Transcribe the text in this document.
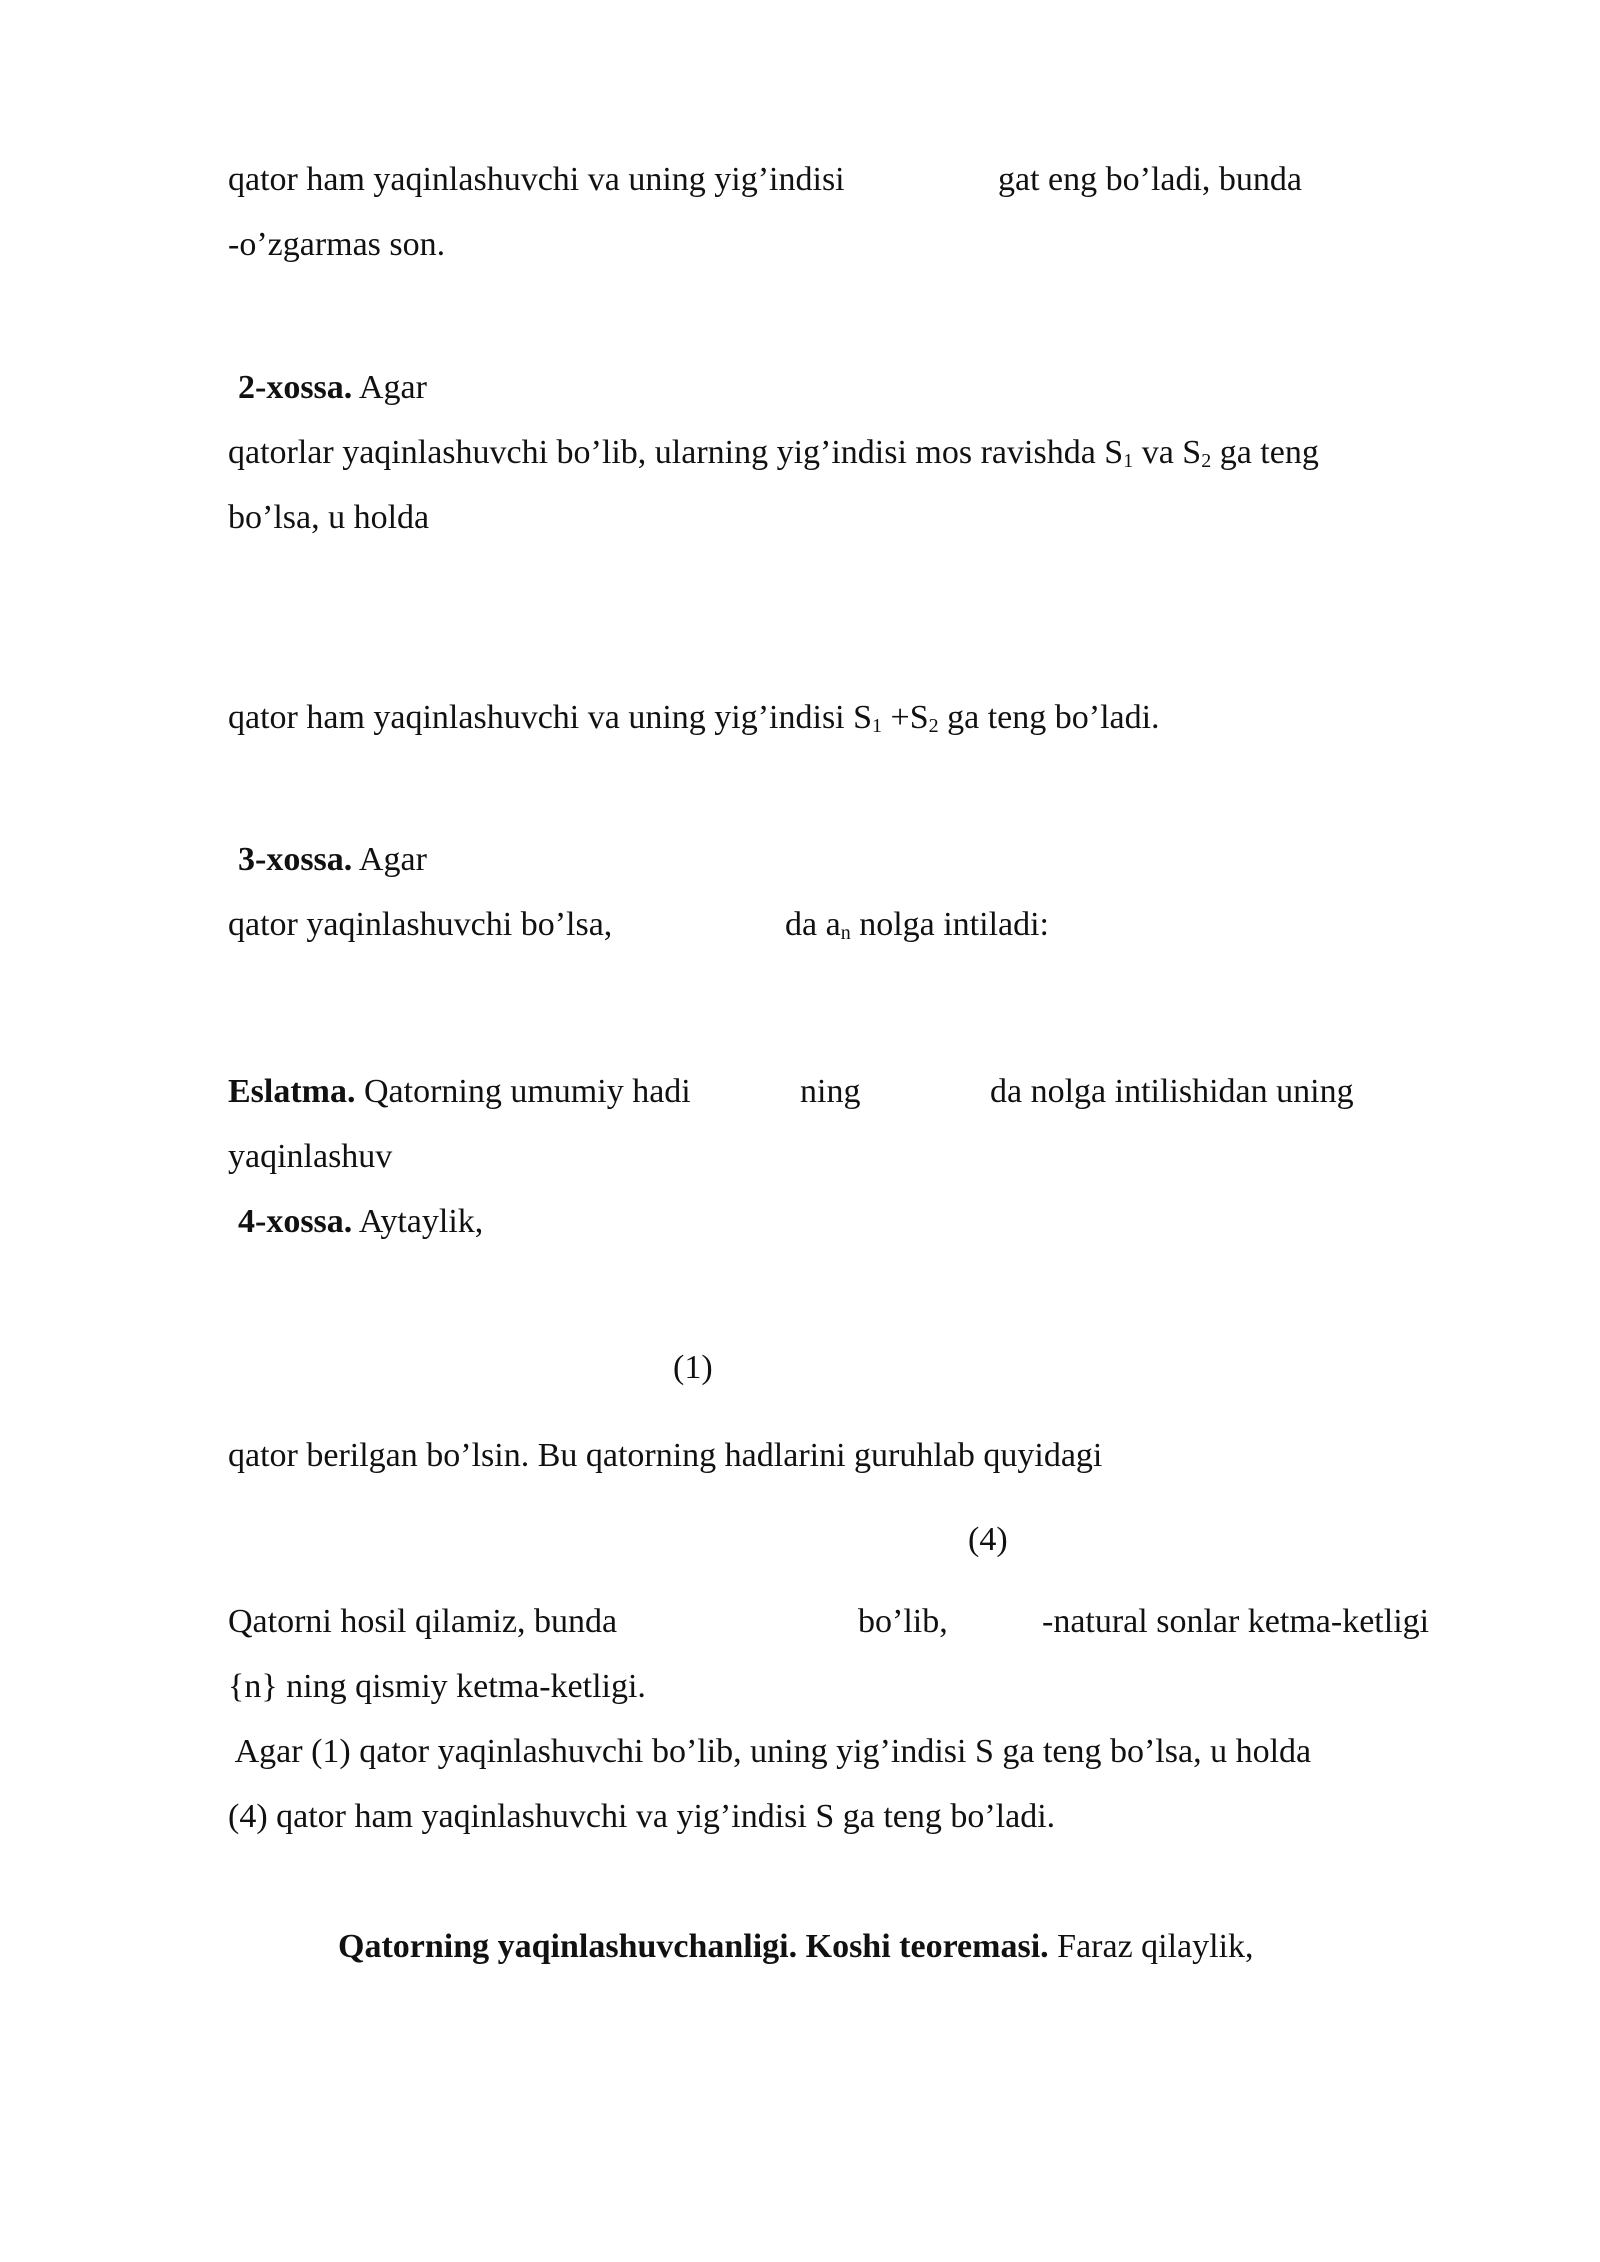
qator ham yaqinlashuvchi va uning yig’indisi	gat eng bo’ladi, bunda
-o’zgarmas son.
2-xossa. Agar
qatorlar yaqinlashuvchi bo’lib, ularning yig’indisi mos ravishda $S_1$ va $S_2$ ga teng
bo’lsa, u holda
qator ham yaqinlashuvchi va uning yig’indisi $S_1 +S_2$ ga teng bo’ladi.
3-xossa. Agar
qator yaqinlashuvchi bo’lsa,	da $a_n$ nolga intiladi:
Eslatma. Qatorning umumiy hadi	ning	da nolga intilishidan uning
yaqinlashuv
4-xossa. Aytaylik,
(1)
qator berilgan bo’lsin. Bu qatorning hadlarini guruhlab quyidagi
(4)
Qatorni hosil qilamiz, bunda	bo’lib,	-natural sonlar ketma-ketligi
{n} ning qismiy ketma-ketligi.
Agar (1) qator yaqinlashuvchi bo’lib, uning yig’indisi S ga teng bo’lsa, u holda
(4) qator ham yaqinlashuvchi va yig’indisi S ga teng bo’ladi.
Qatorning yaqinlashuvchanligi. Koshi teoremasi. Faraz qilaylik,
